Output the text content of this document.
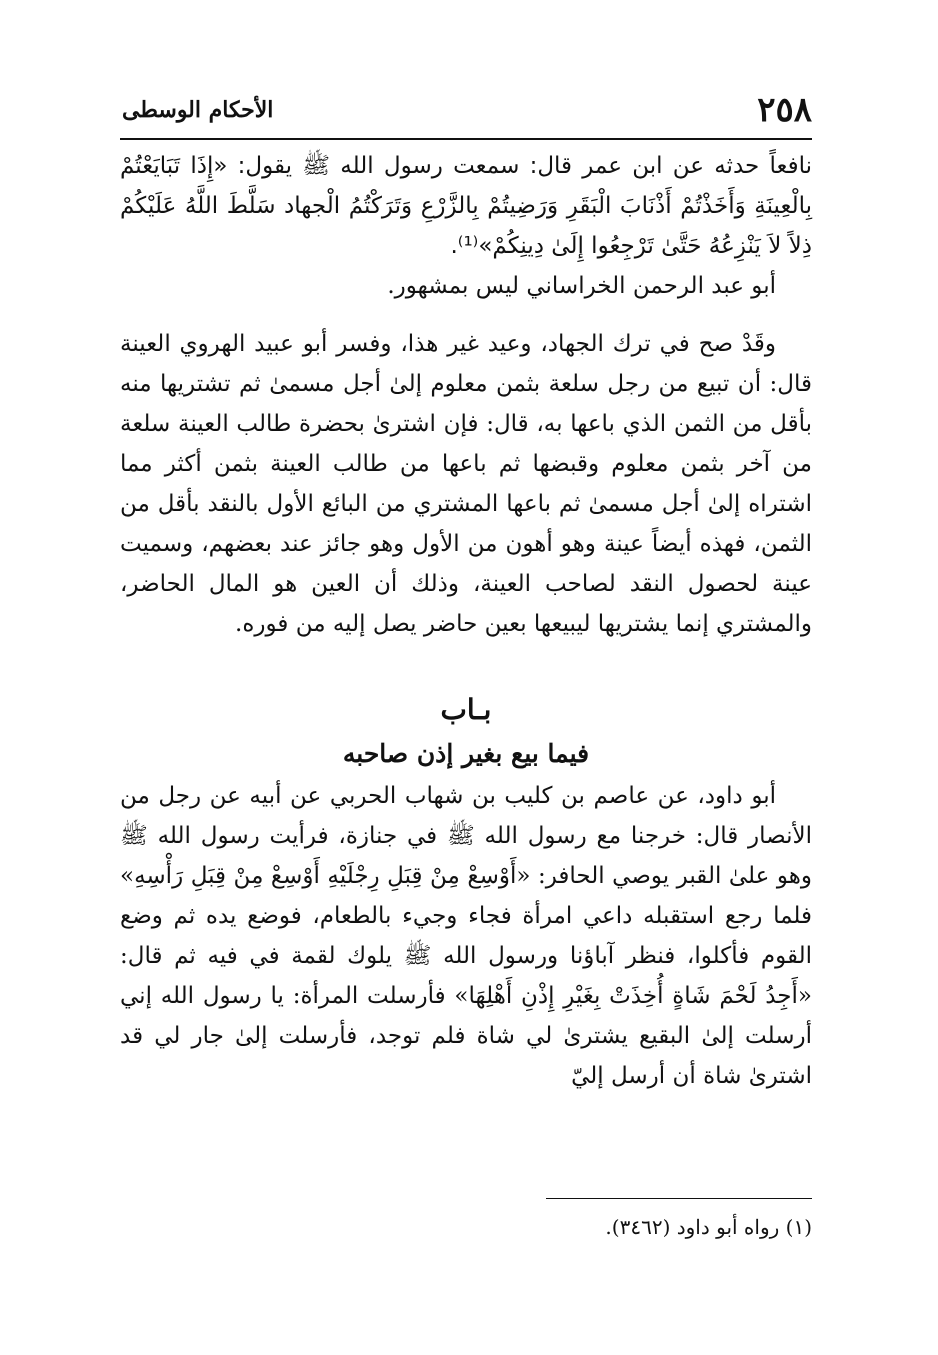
٢٥٨
الأحكام الوسطى

نافعاً حدثه عن ابن عمر قال: سمعت رسول الله ﷺ يقول: «إِذَا تَبَايَعْتُمْ بِالْعِينَةِ وَأَخَذْتُمْ أَذْنَابَ الْبَقَرِ وَرَضِيتُمْ بِالزَّرْعِ وَتَرَكْتُمُ الْجهاد سَلَّطَ اللَّهُ عَلَيْكُمْ ذِلاً لاَ يَنْزِعُهُ حَتَّىٰ تَرْجِعُوا إِلَىٰ دِينِكُمْ»⁽¹⁾.

أبو عبد الرحمن الخراساني ليس بمشهور.

وقَدْ صح في ترك الجهاد، وعيد غير هذا، وفسر أبو عبيد الهروي العينة قال: أن تبيع من رجل سلعة بثمن معلوم إلىٰ أجل مسمىٰ ثم تشتريها منه بأقل من الثمن الذي باعها به، قال: فإن اشترىٰ بحضرة طالب العينة سلعة من آخر بثمن معلوم وقبضها ثم باعها من طالب العينة بثمن أكثر مما اشتراه إلىٰ أجل مسمىٰ ثم باعها المشتري من البائع الأول بالنقد بأقل من الثمن، فهذه أيضاً عينة وهو أهون من الأول وهو جائز عند بعضهم، وسميت عينة لحصول النقد لصاحب العينة، وذلك أن العين هو المال الحاضر، والمشتري إنما يشتريها ليبيعها بعين حاضر يصل إليه من فوره.

بـاب

فيما بيع بغير إذن صاحبه

أبو داود، عن عاصم بن كليب بن شهاب الحربي عن أبيه عن رجل من الأنصار قال: خرجنا مع رسول الله ﷺ في جنازة، فرأيت رسول الله ﷺ وهو علىٰ القبر يوصي الحافر: «أَوْسِعْ مِنْ قِبَلِ رِجْلَيْهِ أَوْسِعْ مِنْ قِبَلِ رَأْسِهِ» فلما رجع استقبله داعي امرأة فجاء وجيء بالطعام، فوضع يده ثم وضع القوم فأكلوا، فنظر آباؤنا ورسول الله ﷺ يلوك لقمة في فيه ثم قال: «أَجِدُ لَحْمَ شَاةٍ أُخِذَتْ بِغَيْرِ إِذْنِ أَهْلِهَا» فأرسلت المرأة: يا رسول الله إني أرسلت إلىٰ البقيع يشترىٰ لي شاة فلم توجد، فأرسلت إلىٰ جار لي قد اشترىٰ شاة أن أرسل إليّ

(١) رواه أبو داود (٣٤٦٢).
